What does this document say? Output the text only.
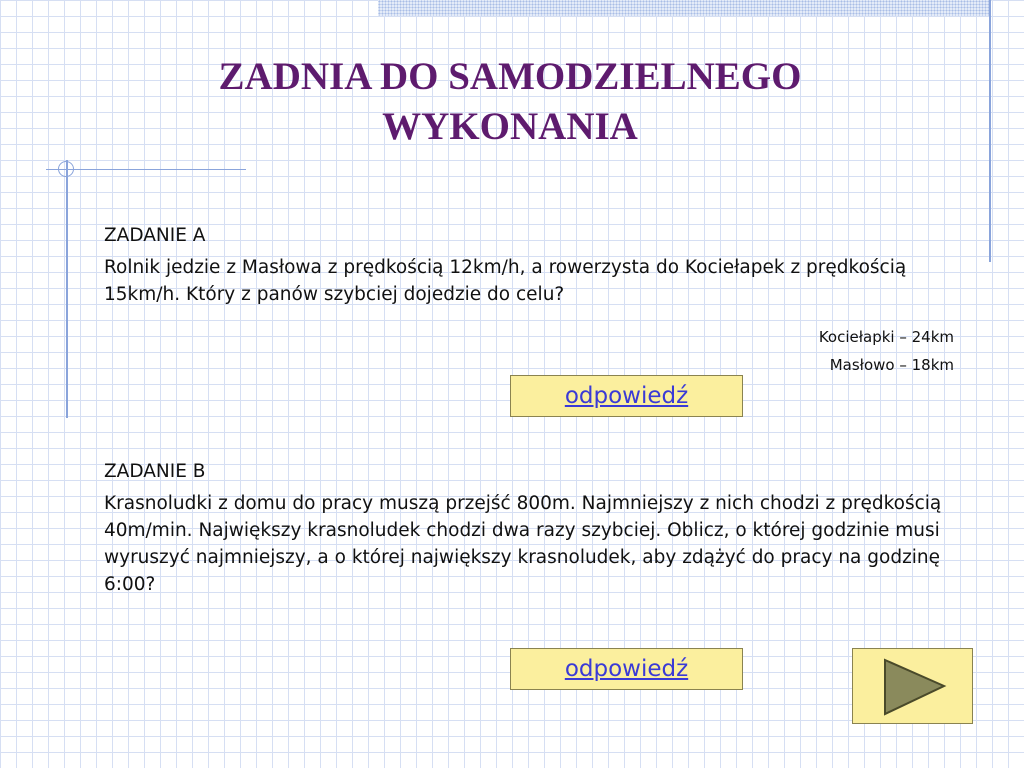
ZADNIA DO SAMODZIELNEGO
WYKONANIA

ZADANIE A

Rolnik jedzie z Masłowa z prędkością 12km/h, a rowerzysta do Kociełapek z prędkością 15km/h. Który z panów szybciej dojedzie do celu?

Kociełapki – 24km
Masłowo – 18km
odpowiedź

ZADANIE B

Krasnoludki z domu do pracy muszą przejść 800m. Najmniejszy z nich chodzi z prędkością 40m/min. Największy krasnoludek chodzi dwa razy szybciej. Oblicz, o której godzinie musi wyruszyć najmniejszy, a o której największy krasnoludek, aby zdążyć do pracy na godzinę 6:00?

odpowiedź
